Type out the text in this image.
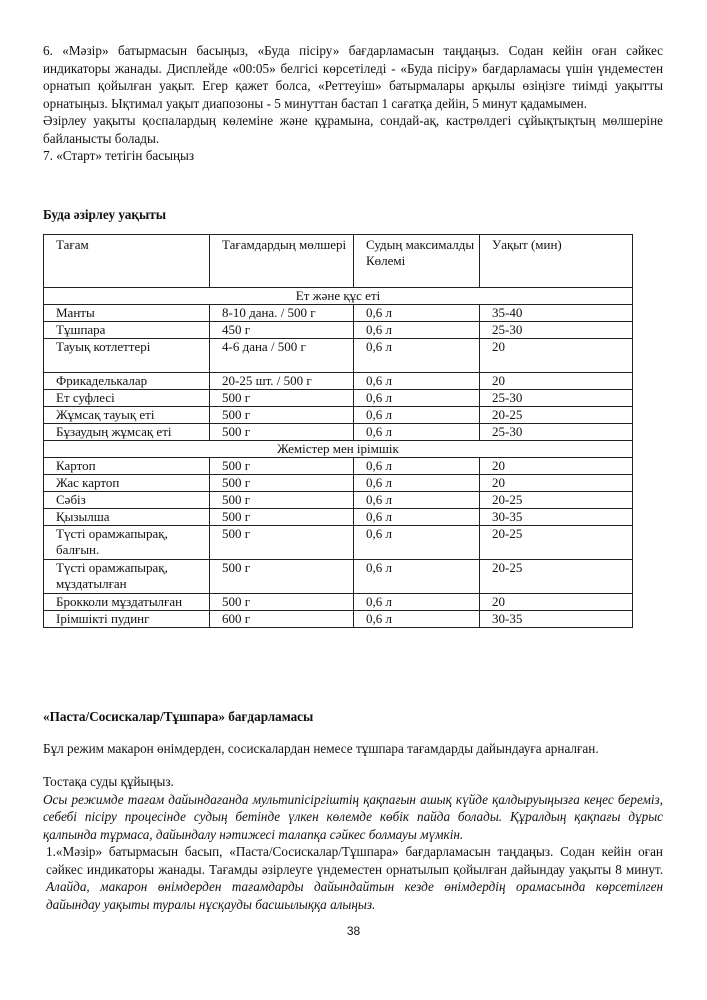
6. «Мәзір» батырмасын басыңыз, «Буда пісіру» бағдарламасын таңдаңыз. Содан кейін оған сәйкес индикаторы жанады. Дисплейде «00:05» белгісі көрсетіледі - «Буда пісіру» бағдарламасы үшін үндеместен орнатып қойылған уақыт. Егер қажет болса, «Реттеуіш» батырмалары арқылы өзіңізге тиімді уақытты орнатыңыз. Ықтимал уақыт диапозоны - 5 минуттан бастап 1 сағатқа дейін, 5 минут қадамымен.

Әзірлеу уақыты қоспалардың көлеміне және құрамына, сондай-ақ, кастрөлдегі сұйықтықтың мөлшеріне байланысты болады.

7. «Старт» тетігін басыңыз

Буда әзірлеу уақыты
Тағам	Тағамдардың мөлшері	Судың максималды Көлемі	Уақыт (мин)
Ет және құс еті			
Манты	8-10 дана. / 500 г	0,6 л	35-40
Тұшпара	450 г	0,6 л	25-30
Тауық котлеттері	4-6 дана / 500 г	0,6 л	20
Фрикаделькалар	20-25 шт. / 500 г	0,6 л	20
Ет суфлесі	500 г	0,6 л	25-30
Жұмсақ тауық еті	500 г	0,6 л	20-25
Бұзаудың жұмсақ еті	500 г	0,6 л	25-30
Жемістер мен ірімшік			
Картоп	500 г	0,6 л	20
Жас картоп	500 г	0,6 л	20
Сәбіз	500 г	0,6 л	20-25
Қызылша	500 г	0,6 л	30-35
Түсті орамжапырақ, балғын.	500 г	0,6 л	20-25
Түсті орамжапырақ, мұздатылған	500 г	0,6 л	20-25
Брокколи мұздатылған	500 г	0,6 л	20
Ірімшікті пудинг	600 г	0,6 л	30-35
«Паста/Сосискалар/Тұшпара» бағдарламасы
Бұл режим макарон өнімдерден, сосискалардан немесе тұшпара тағамдарды дайындауға арналған.

Тостақа суды құйыңыз.

Осы режимде тағам дайындағанда мультипісіргіштің қақпағын ашық күйде қалдыруыңызға кеңес береміз, себебі пісіру процесінде судың бетінде үлкен көлемде көбік пайда болады. Құралдың қақпағы дұрыс қалпында тұрмаса, дайындалу нәтижесі талапқа сәйкес болмауы мүмкін.

1.«Мәзір» батырмасын басып, «Паста/Сосискалар/Тұшпара» бағдарламасын таңдаңыз. Содан кейін оған сәйкес индикаторы жанады. Тағамды әзірлеуге үндеместен орнатылып қойылған дайындау уақыты 8 минут. Алайда, макарон өнімдерден тағамдарды дайындайтын кезде өнімдердің орамасында көрсетілген дайындау уақыты туралы нұсқауды басшылыққа алыңыз.

38
